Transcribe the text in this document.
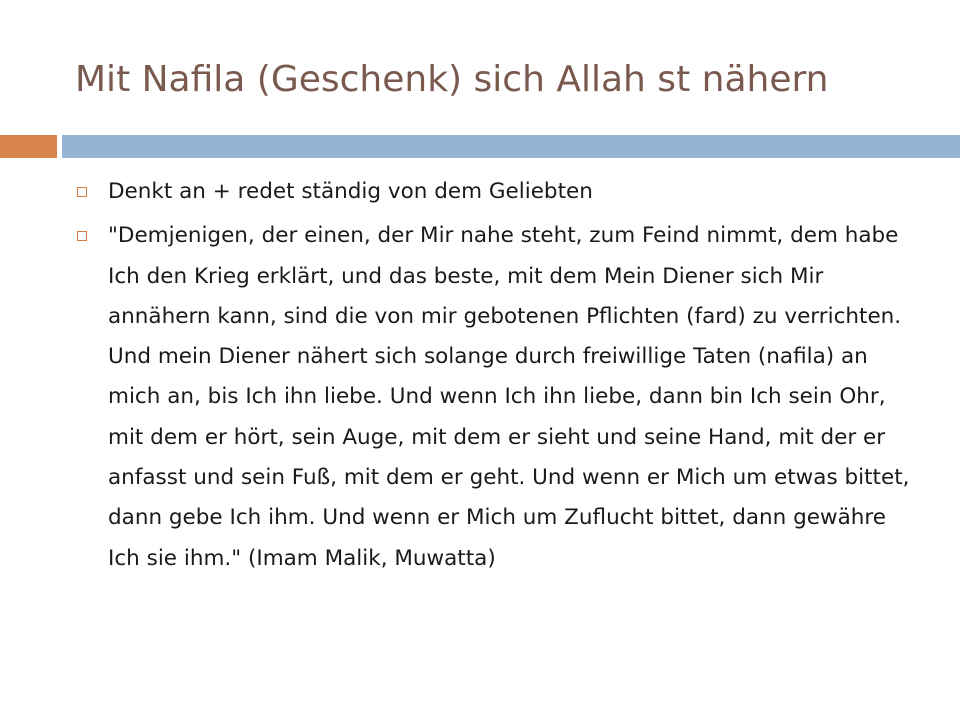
Mit Nafila (Geschenk) sich Allah st nähern
Denkt an + redet ständig von dem Geliebten
"Demjenigen, der einen, der Mir nahe steht, zum Feind nimmt, dem habe Ich den Krieg erklärt, und das beste, mit dem Mein Diener sich Mir annähern kann, sind die von mir gebotenen Pflichten (fard) zu verrichten. Und mein Diener nähert sich solange durch freiwillige Taten (nafila) an mich an, bis Ich ihn liebe. Und wenn Ich ihn liebe, dann bin Ich sein Ohr, mit dem er hört, sein Auge, mit dem er sieht und seine Hand, mit der er anfasst und sein Fuß, mit dem er geht. Und wenn er Mich um etwas bittet, dann gebe Ich ihm. Und wenn er Mich um Zuflucht bittet, dann gewähre Ich sie ihm." (Imam Malik, Muwatta)
